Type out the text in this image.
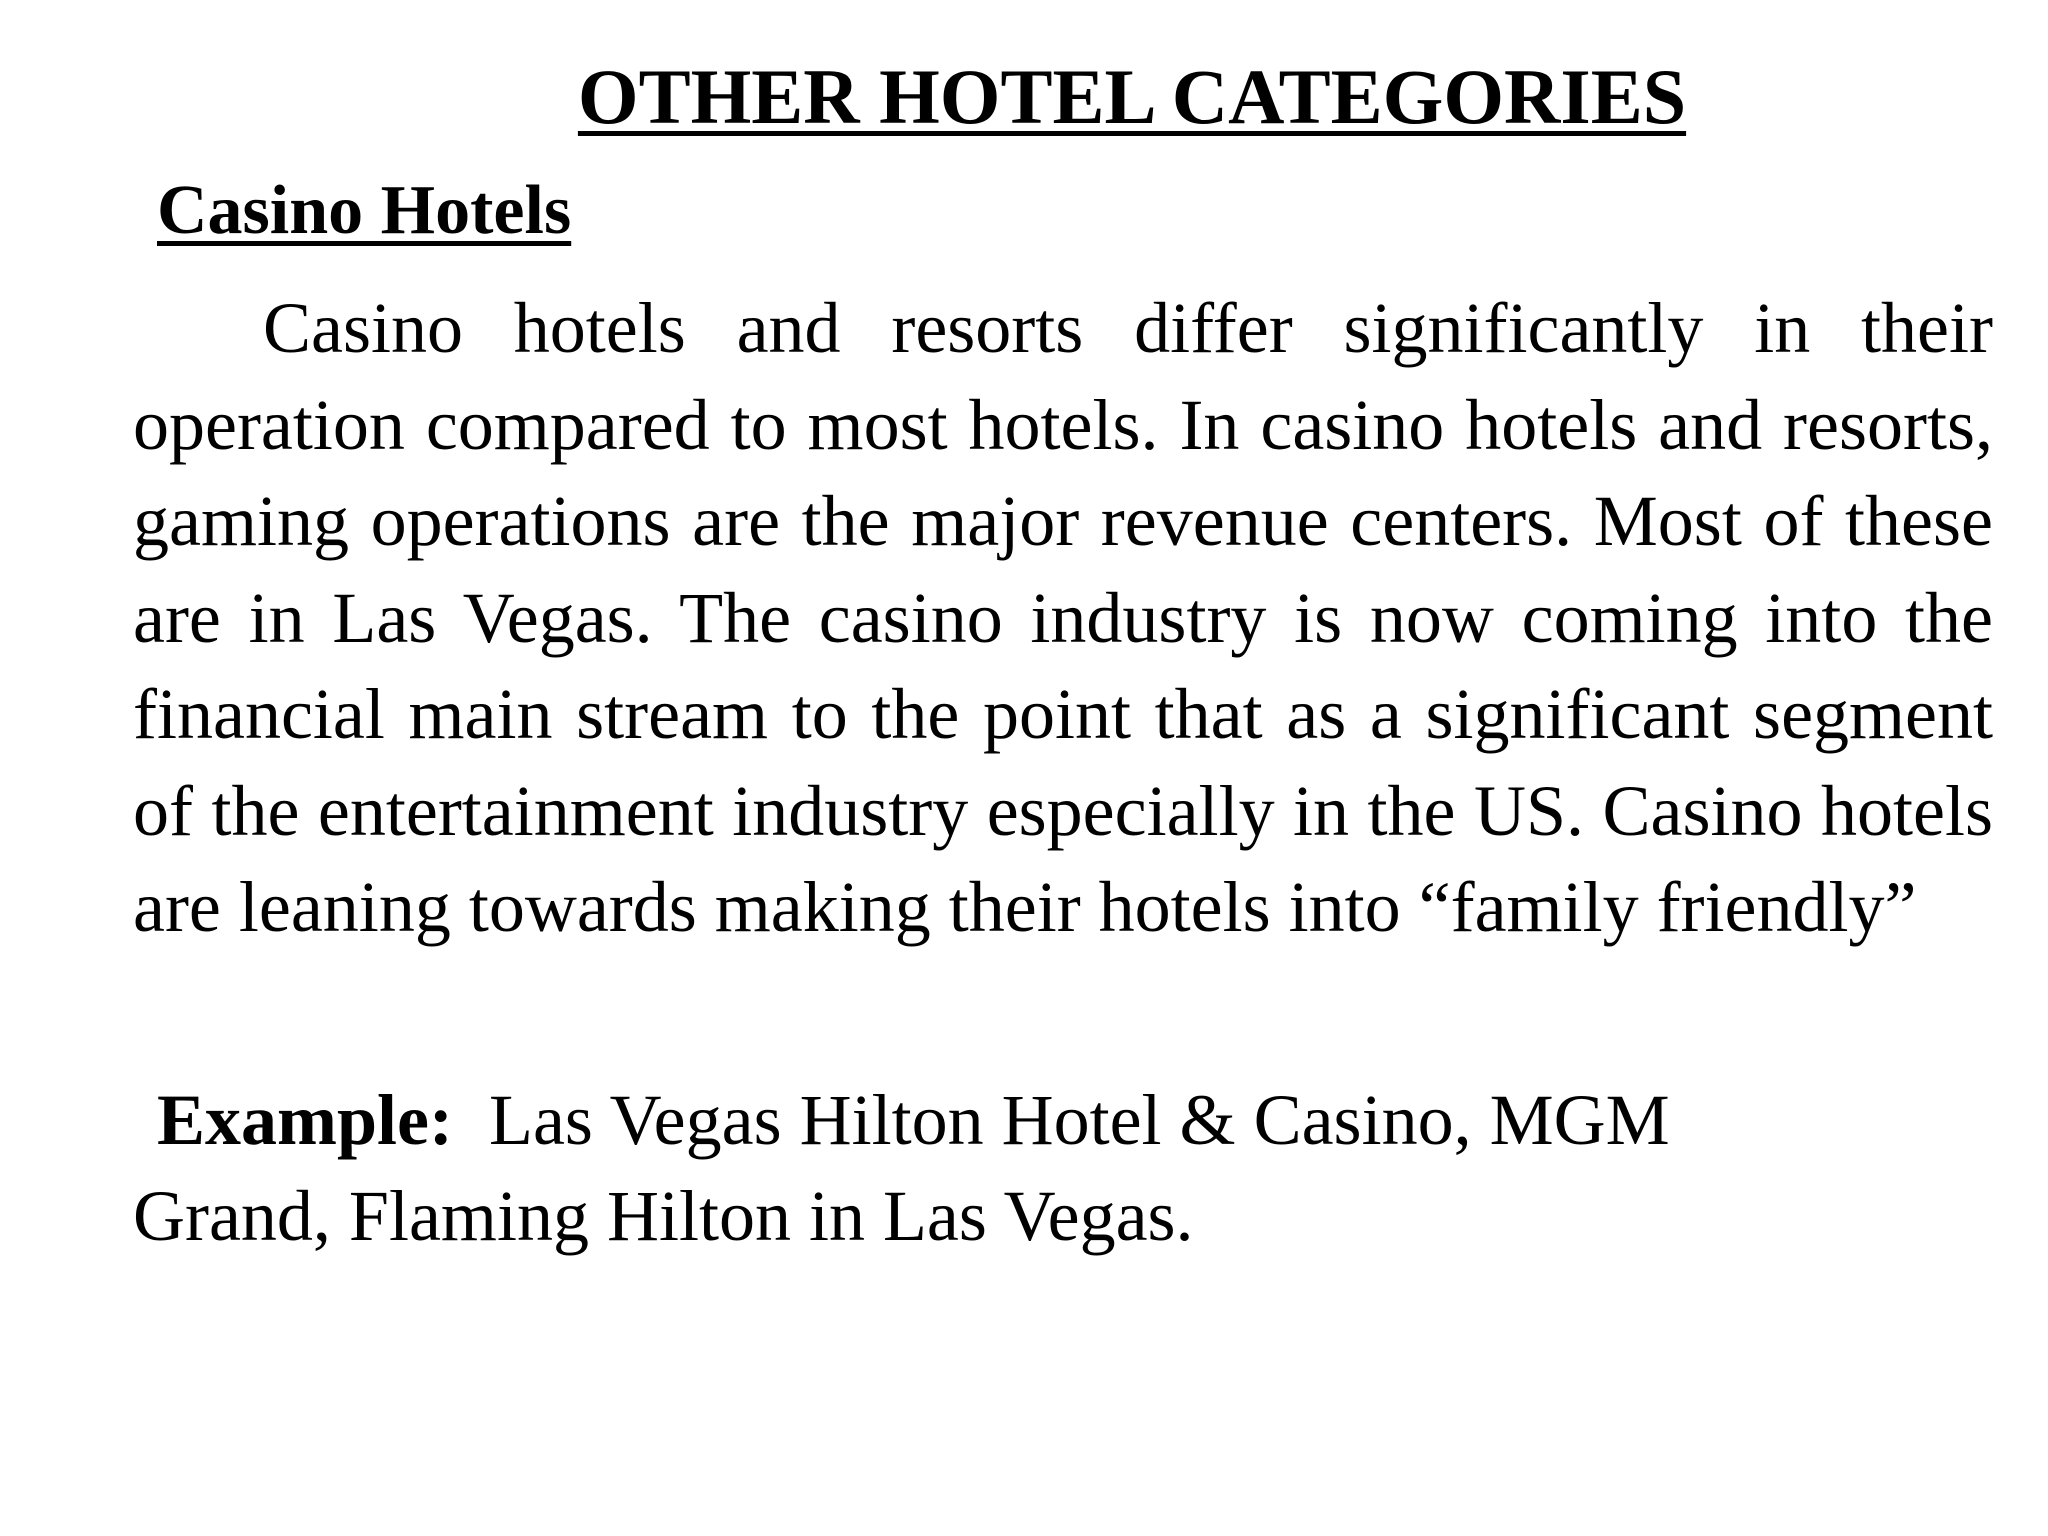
OTHER HOTEL CATEGORIES
Casino Hotels

Casino hotels and resorts differ significantly in their operation compared to most hotels. In casino hotels and resorts, gaming operations are the major revenue centers. Most of these are in Las Vegas. The casino industry is now coming into the financial main stream to the point that as a significant segment of the entertainment industry especially in the US. Casino hotels are leaning towards making their hotels into “family friendly”

Example:  Las Vegas Hilton Hotel & Casino, MGM
Grand, Flaming Hilton in Las Vegas.
